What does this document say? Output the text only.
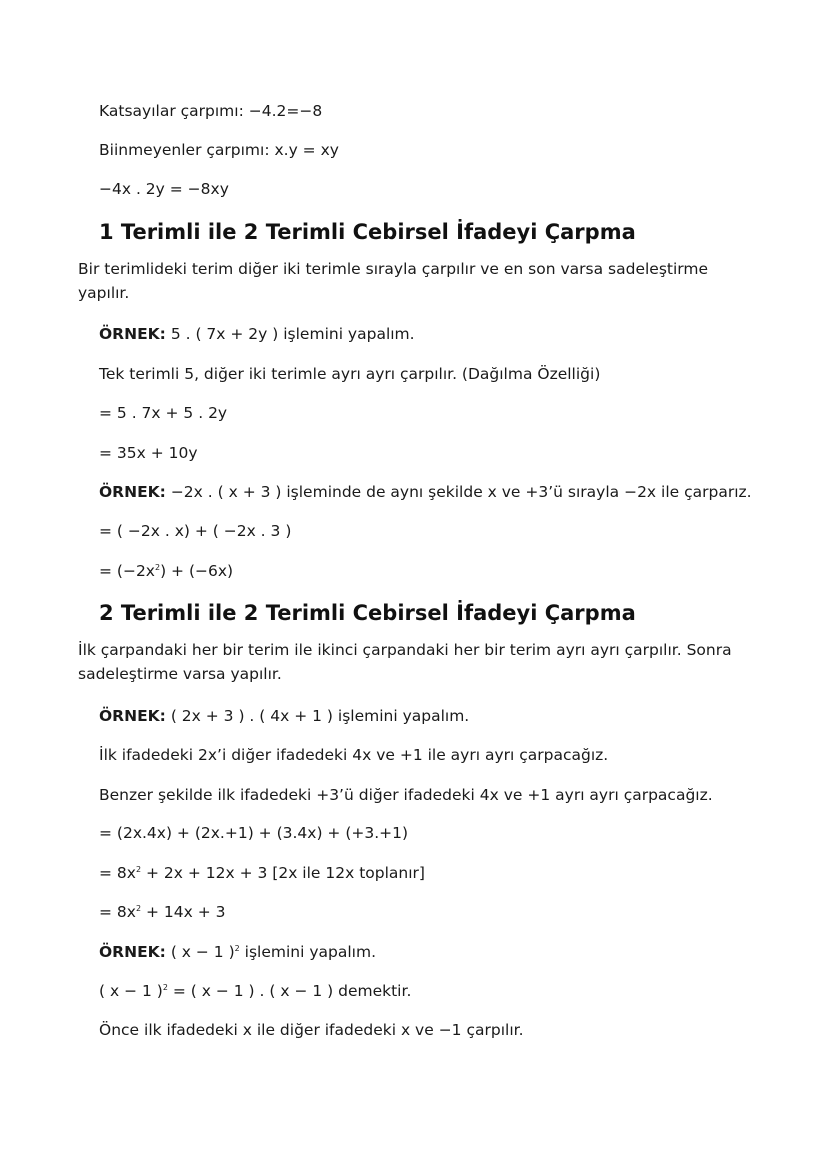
Katsayılar çarpımı: −4.2=−8
Biinmeyenler çarpımı: x.y = xy
−4x . 2y = −8xy
1 Terimli ile 2 Terimli Cebirsel İfadeyi Çarpma
Bir terimlideki terim diğer iki terimle sırayla çarpılır ve en son varsa sadeleştirme yapılır.
ÖRNEK: 5 . ( 7x + 2y ) işlemini yapalım.
Tek terimli 5, diğer iki terimle ayrı ayrı çarpılır. (Dağılma Özelliği)
= 5 . 7x + 5 . 2y
= 35x + 10y
ÖRNEK: −2x . ( x + 3 ) işleminde de aynı şekilde x ve +3’ü sırayla −2x ile çarparız.
= ( −2x . x) + ( −2x . 3 )
= $(-2x^2) + (-6x)$
2 Terimli ile 2 Terimli Cebirsel İfadeyi Çarpma
İlk çarpandaki her bir terim ile ikinci çarpandaki her bir terim ayrı ayrı çarpılır. Sonra sadeleştirme varsa yapılır.
ÖRNEK: ( 2x + 3 ) . ( 4x + 1 ) işlemini yapalım.
İlk ifadedeki 2x’i diğer ifadedeki 4x ve +1 ile ayrı ayrı çarpacağız.
Benzer şekilde ilk ifadedeki +3’ü diğer ifadedeki 4x ve +1 ayrı ayrı çarpacağız.
= (2x.4x) + (2x.+1) + (3.4x) + (+3.+1)
= $8x^2 + 2x + 12x + 3$ [2x ile 12x toplanır]
= $8x^2 + 14x + 3$
ÖRNEK: ( x − 1 )$^2$ işlemini yapalım.
( x − 1 )$^2$ = ( x − 1 ) . ( x − 1 ) demektir.
Önce ilk ifadedeki x ile diğer ifadedeki x ve −1 çarpılır.
